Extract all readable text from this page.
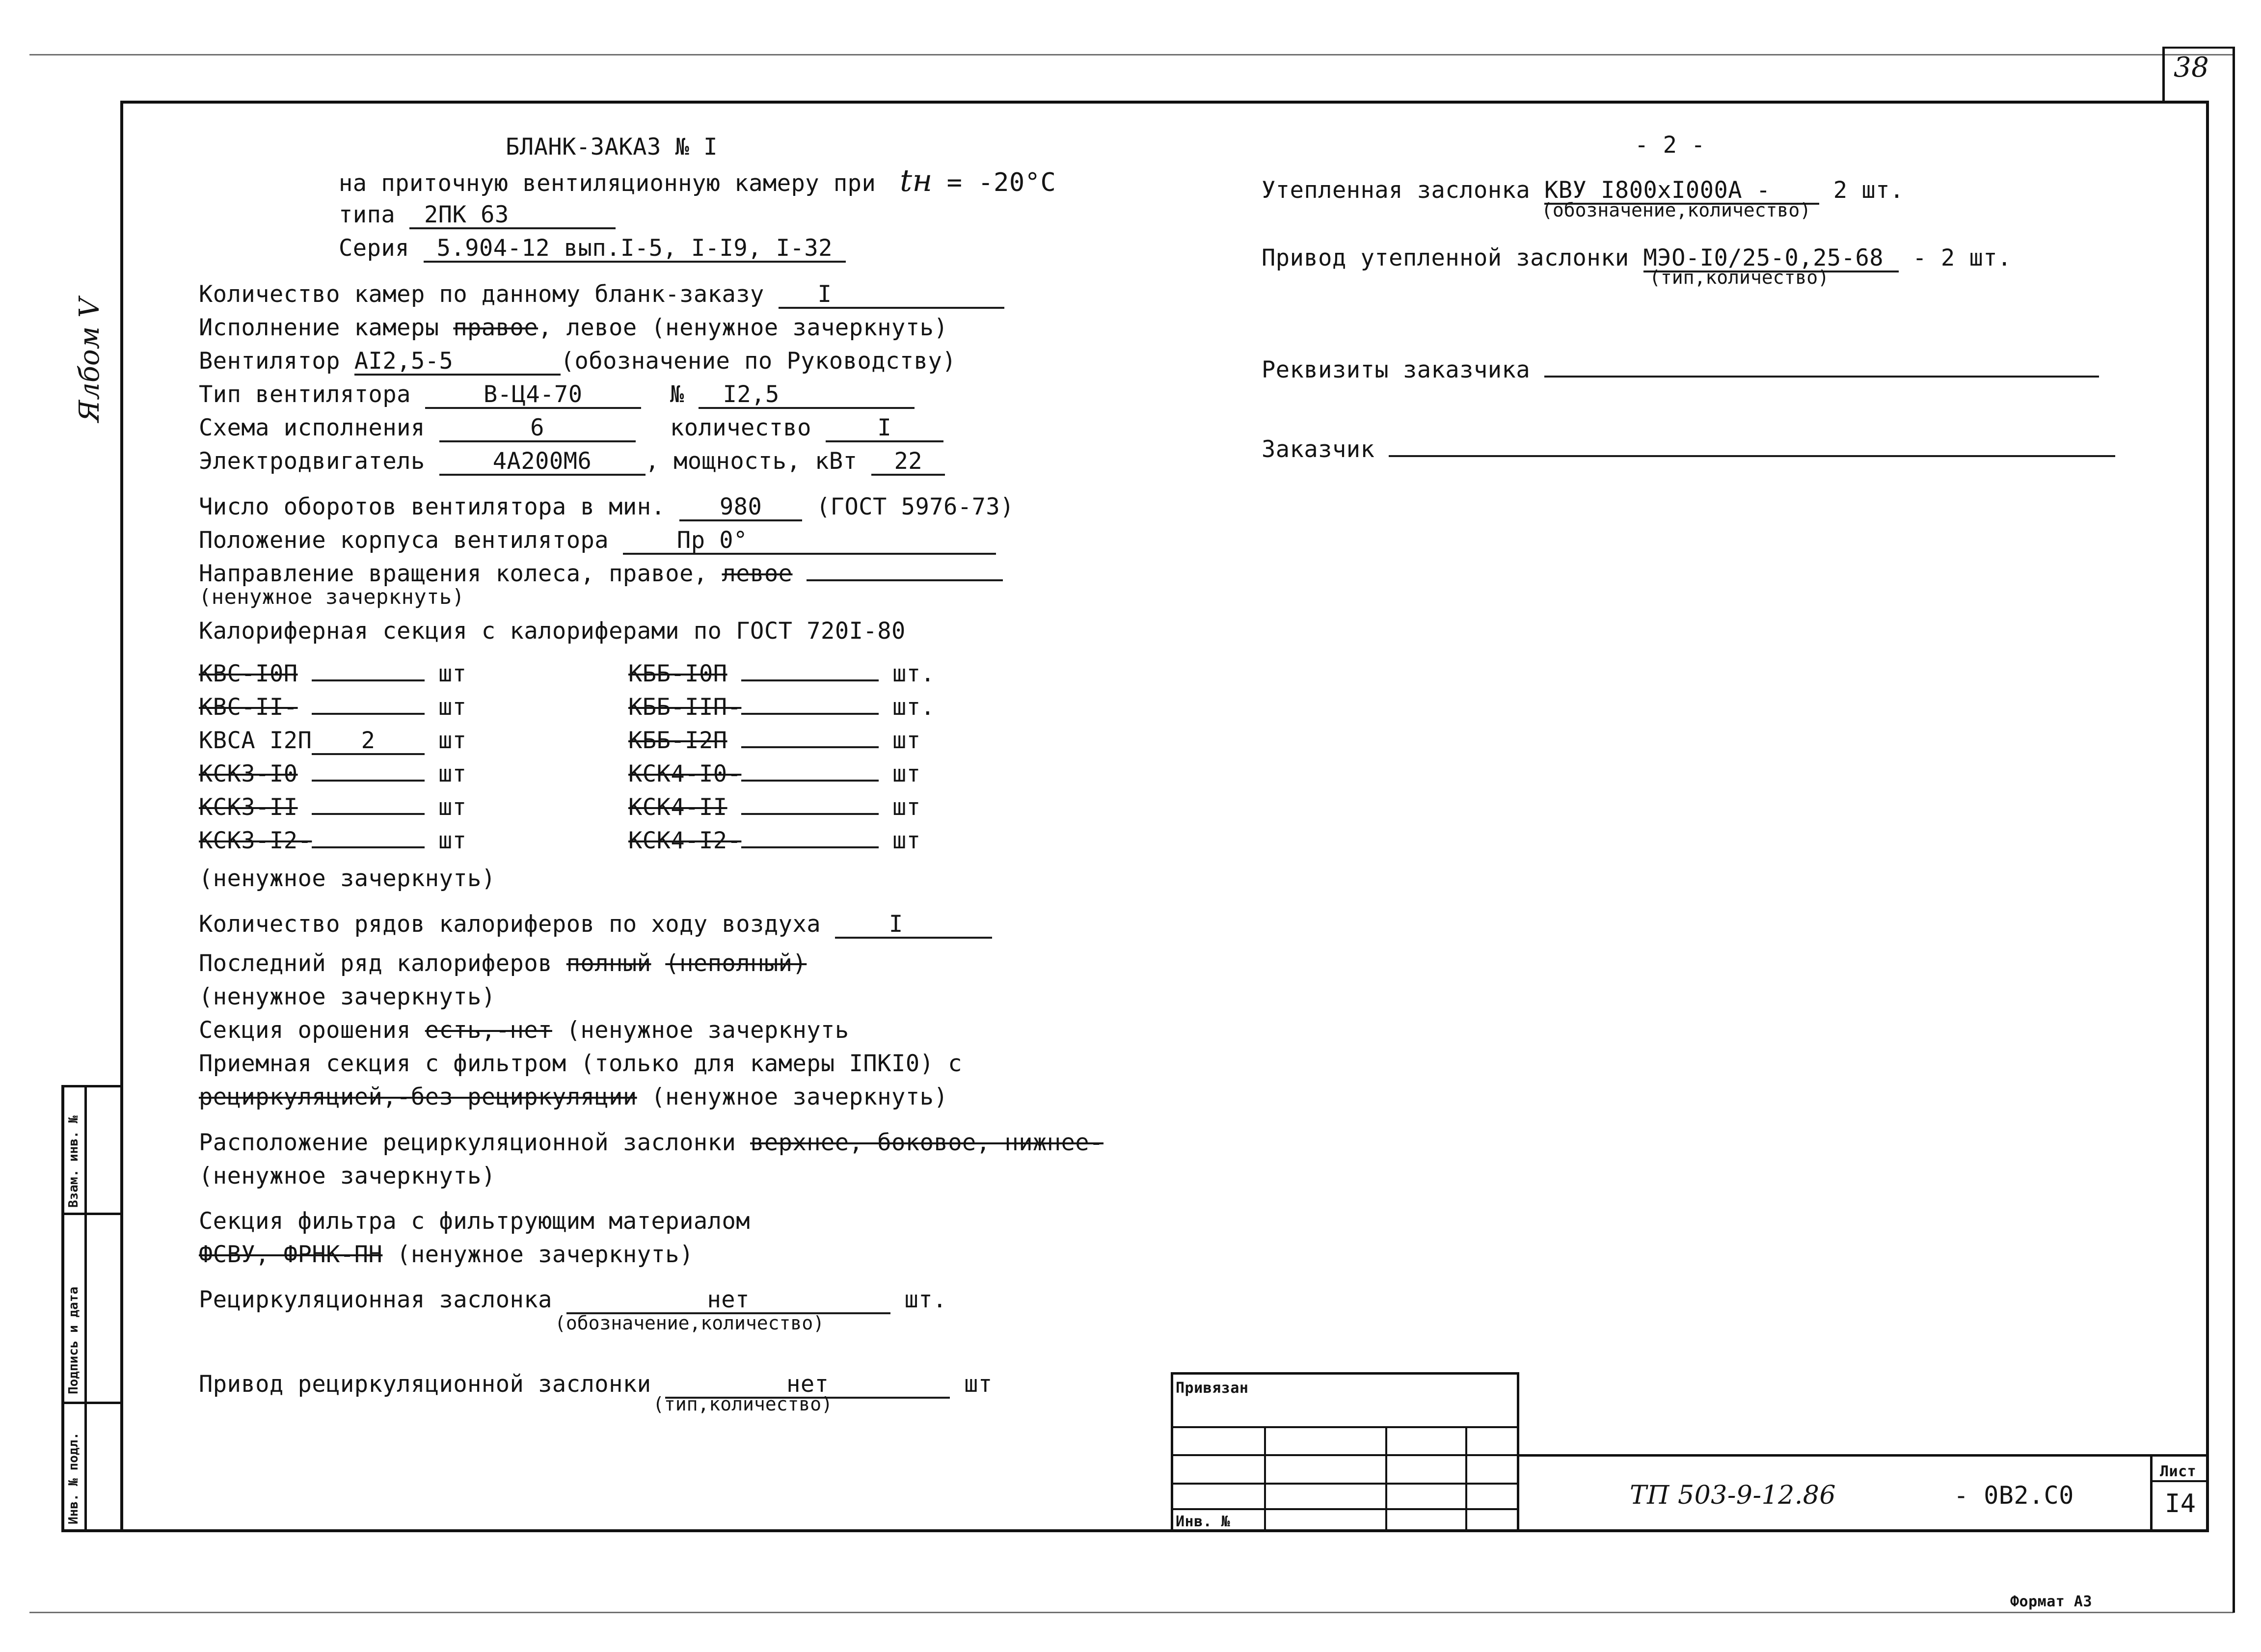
38
Ялбом V
Взам. инв. №
Подпись и дата
Инв. № подл.
БЛАНК-ЗАКАЗ № I
на приточную вентиляционную камеру при tн = -20°C
типа 2ПК 63
Серия 5.904-12 вып.I-5, I-I9, I-32
Количество камер по данному бланк-заказу I
Исполнение камеры правое, левое (ненужное зачеркнуть)
Вентилятор AI2,5-5	(обозначение по Руководству)
Тип вентилятора	В-Ц4-70	№ I2,5
Схема исполнения	6	количество	I
Электродвигатель	4А200М6 , мощность, кВт 22
Число оборотов вентилятора в мин. 980 (ГОСТ 5976-73)
Положение корпуса вентилятора	Пр 0°
Направление вращения колеса, правое, левое
(ненужное зачеркнуть)
Калориферная секция с калориферами по ГОСТ 720I-80
КВС-I0П	шт
КВС-II-	шт
КВСА I2П 2	шт
КСК3-I0	шт
КСК3-II	шт
КСК3-I2-	шт
КББ-I0П	шт.
КББ-IIП-	шт.
КББ-I2П	шт
КСК4-I0-	шт
КСК4-II	шт
КСК4-I2-	шт
(ненужное зачеркнуть)
Количество рядов калориферов по ходу воздуха	I
Последний ряд калориферов полный (неполный)
(ненужное зачеркнуть)
Секция орошения есть,-нет (ненужное зачеркнуть
Приемная секция с фильтром (только для камеры IПКI0) с
рециркуляцией,-без рециркуляции (ненужное зачеркнуть)
Расположение рециркуляционной заслонки верхнее, боковое, нижнее-
(ненужное зачеркнуть)
Секция фильтра с фильтрующим материалом
ФСВУ, ФРНК-ПН (ненужное зачеркнуть)
Рециркуляционная заслонка	нет	шт.
(обозначение,количество)
Привод рециркуляционной заслонки	нет	шт
(тип,количество)
- 2 -
Утепленная заслонка КВУ I800хI000А -	2 шт.
(обозначение,количество)
Привод утепленной заслонки МЭО-I0/25-0,25-68 - 2 шт.
(тип,количество)
Реквизиты заказчика
Заказчик
Привязан
Инв. №
ТП 503-9-12.86	- 0В2.С0
Лист
I4
Формат А3
